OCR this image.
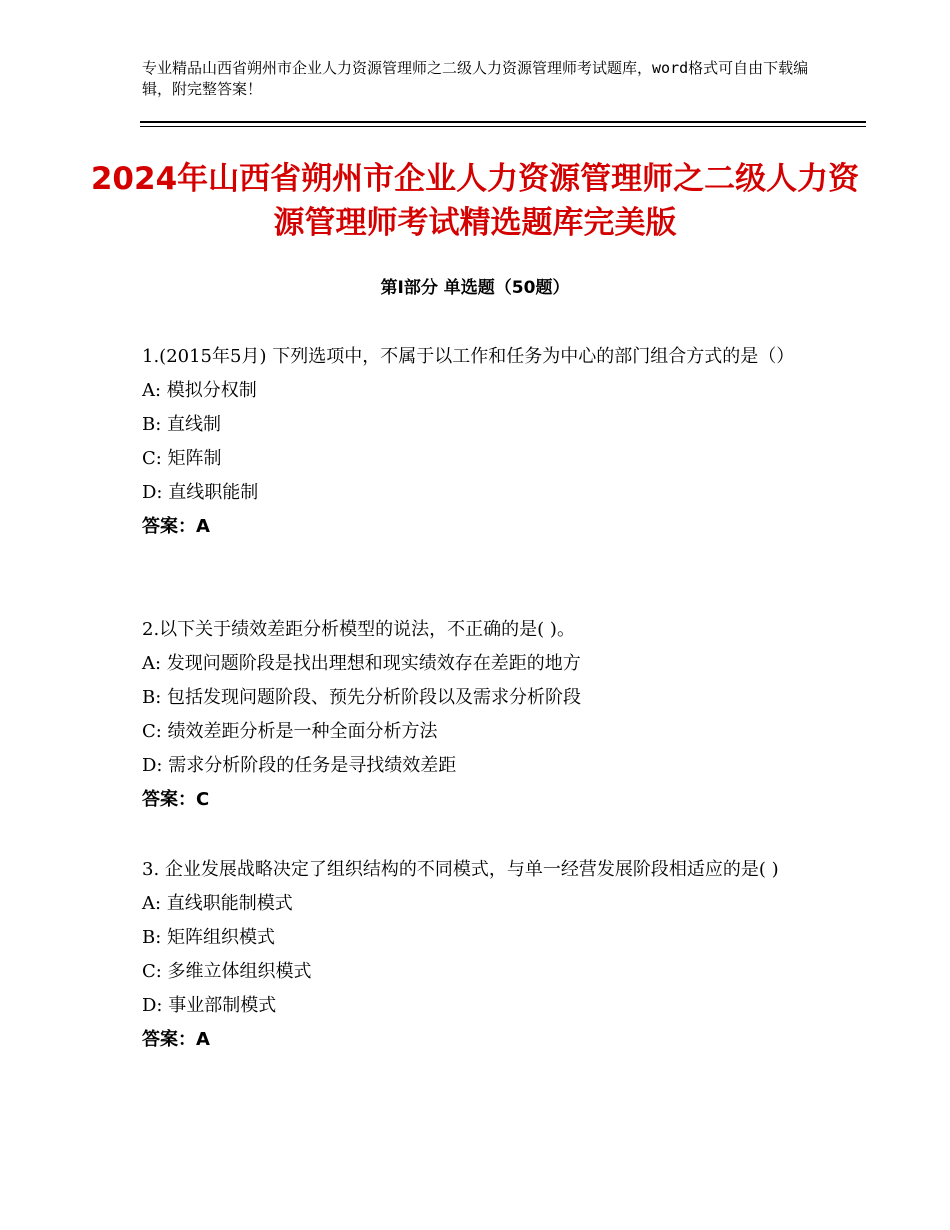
专业精品山西省朔州市企业人力资源管理师之二级人力资源管理师考试题库，word格式可自由下载编辑，附完整答案！
2024年山西省朔州市企业人力资源管理师之二级人力资源管理师考试精选题库完美版
第Ⅰ部分 单选题（50题）

1.(2015年5月) 下列选项中，不属于以工作和任务为中心的部门组合方式的是（）

A: 模拟分权制

B: 直线制

C: 矩阵制

D: 直线职能制

答案：A

2.以下关于绩效差距分析模型的说法，不正确的是( )。

A: 发现问题阶段是找出理想和现实绩效存在差距的地方

B: 包括发现问题阶段、预先分析阶段以及需求分析阶段

C: 绩效差距分析是一种全面分析方法

D: 需求分析阶段的任务是寻找绩效差距

答案：C

3. 企业发展战略决定了组织结构的不同模式，与单一经营发展阶段相适应的是( )

A: 直线职能制模式

B: 矩阵组织模式

C: 多维立体组织模式

D: 事业部制模式

答案：A
